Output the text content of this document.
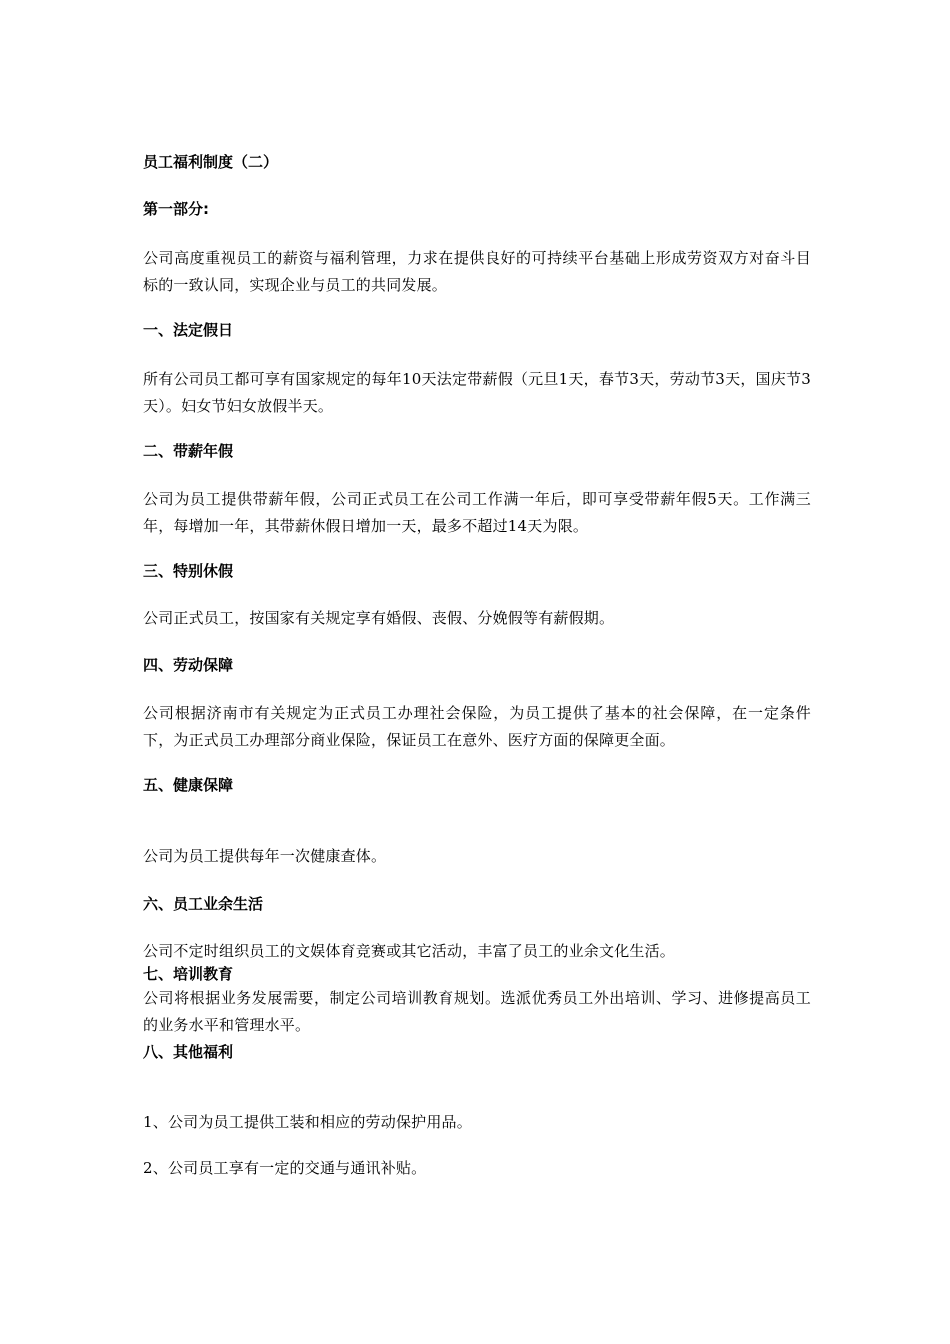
员工福利制度（二）
第一部分:
公司高度重视员工的薪资与福利管理，力求在提供良好的可持续平台基础上形成劳资双方对奋斗目标的一致认同，实现企业与员工的共同发展。
一、法定假日
所有公司员工都可享有国家规定的每年10天法定带薪假（元旦1天，春节3天，劳动节3天，国庆节3天）。妇女节妇女放假半天。
二、带薪年假
公司为员工提供带薪年假，公司正式员工在公司工作满一年后，即可享受带薪年假5天。工作满三年，每增加一年，其带薪休假日增加一天，最多不超过14天为限。
三、特别休假
公司正式员工，按国家有关规定享有婚假、丧假、分娩假等有薪假期。
四、劳动保障
公司根据济南市有关规定为正式员工办理社会保险，为员工提供了基本的社会保障，在一定条件下，为正式员工办理部分商业保险，保证员工在意外、医疗方面的保障更全面。
五、健康保障
公司为员工提供每年一次健康查体。
六、员工业余生活
公司不定时组织员工的文娱体育竞赛或其它活动，丰富了员工的业余文化生活。
七、培训教育
公司将根据业务发展需要，制定公司培训教育规划。选派优秀员工外出培训、学习、进修提高员工的业务水平和管理水平。
八、其他福利
1、公司为员工提供工装和相应的劳动保护用品。
2、公司员工享有一定的交通与通讯补贴。
